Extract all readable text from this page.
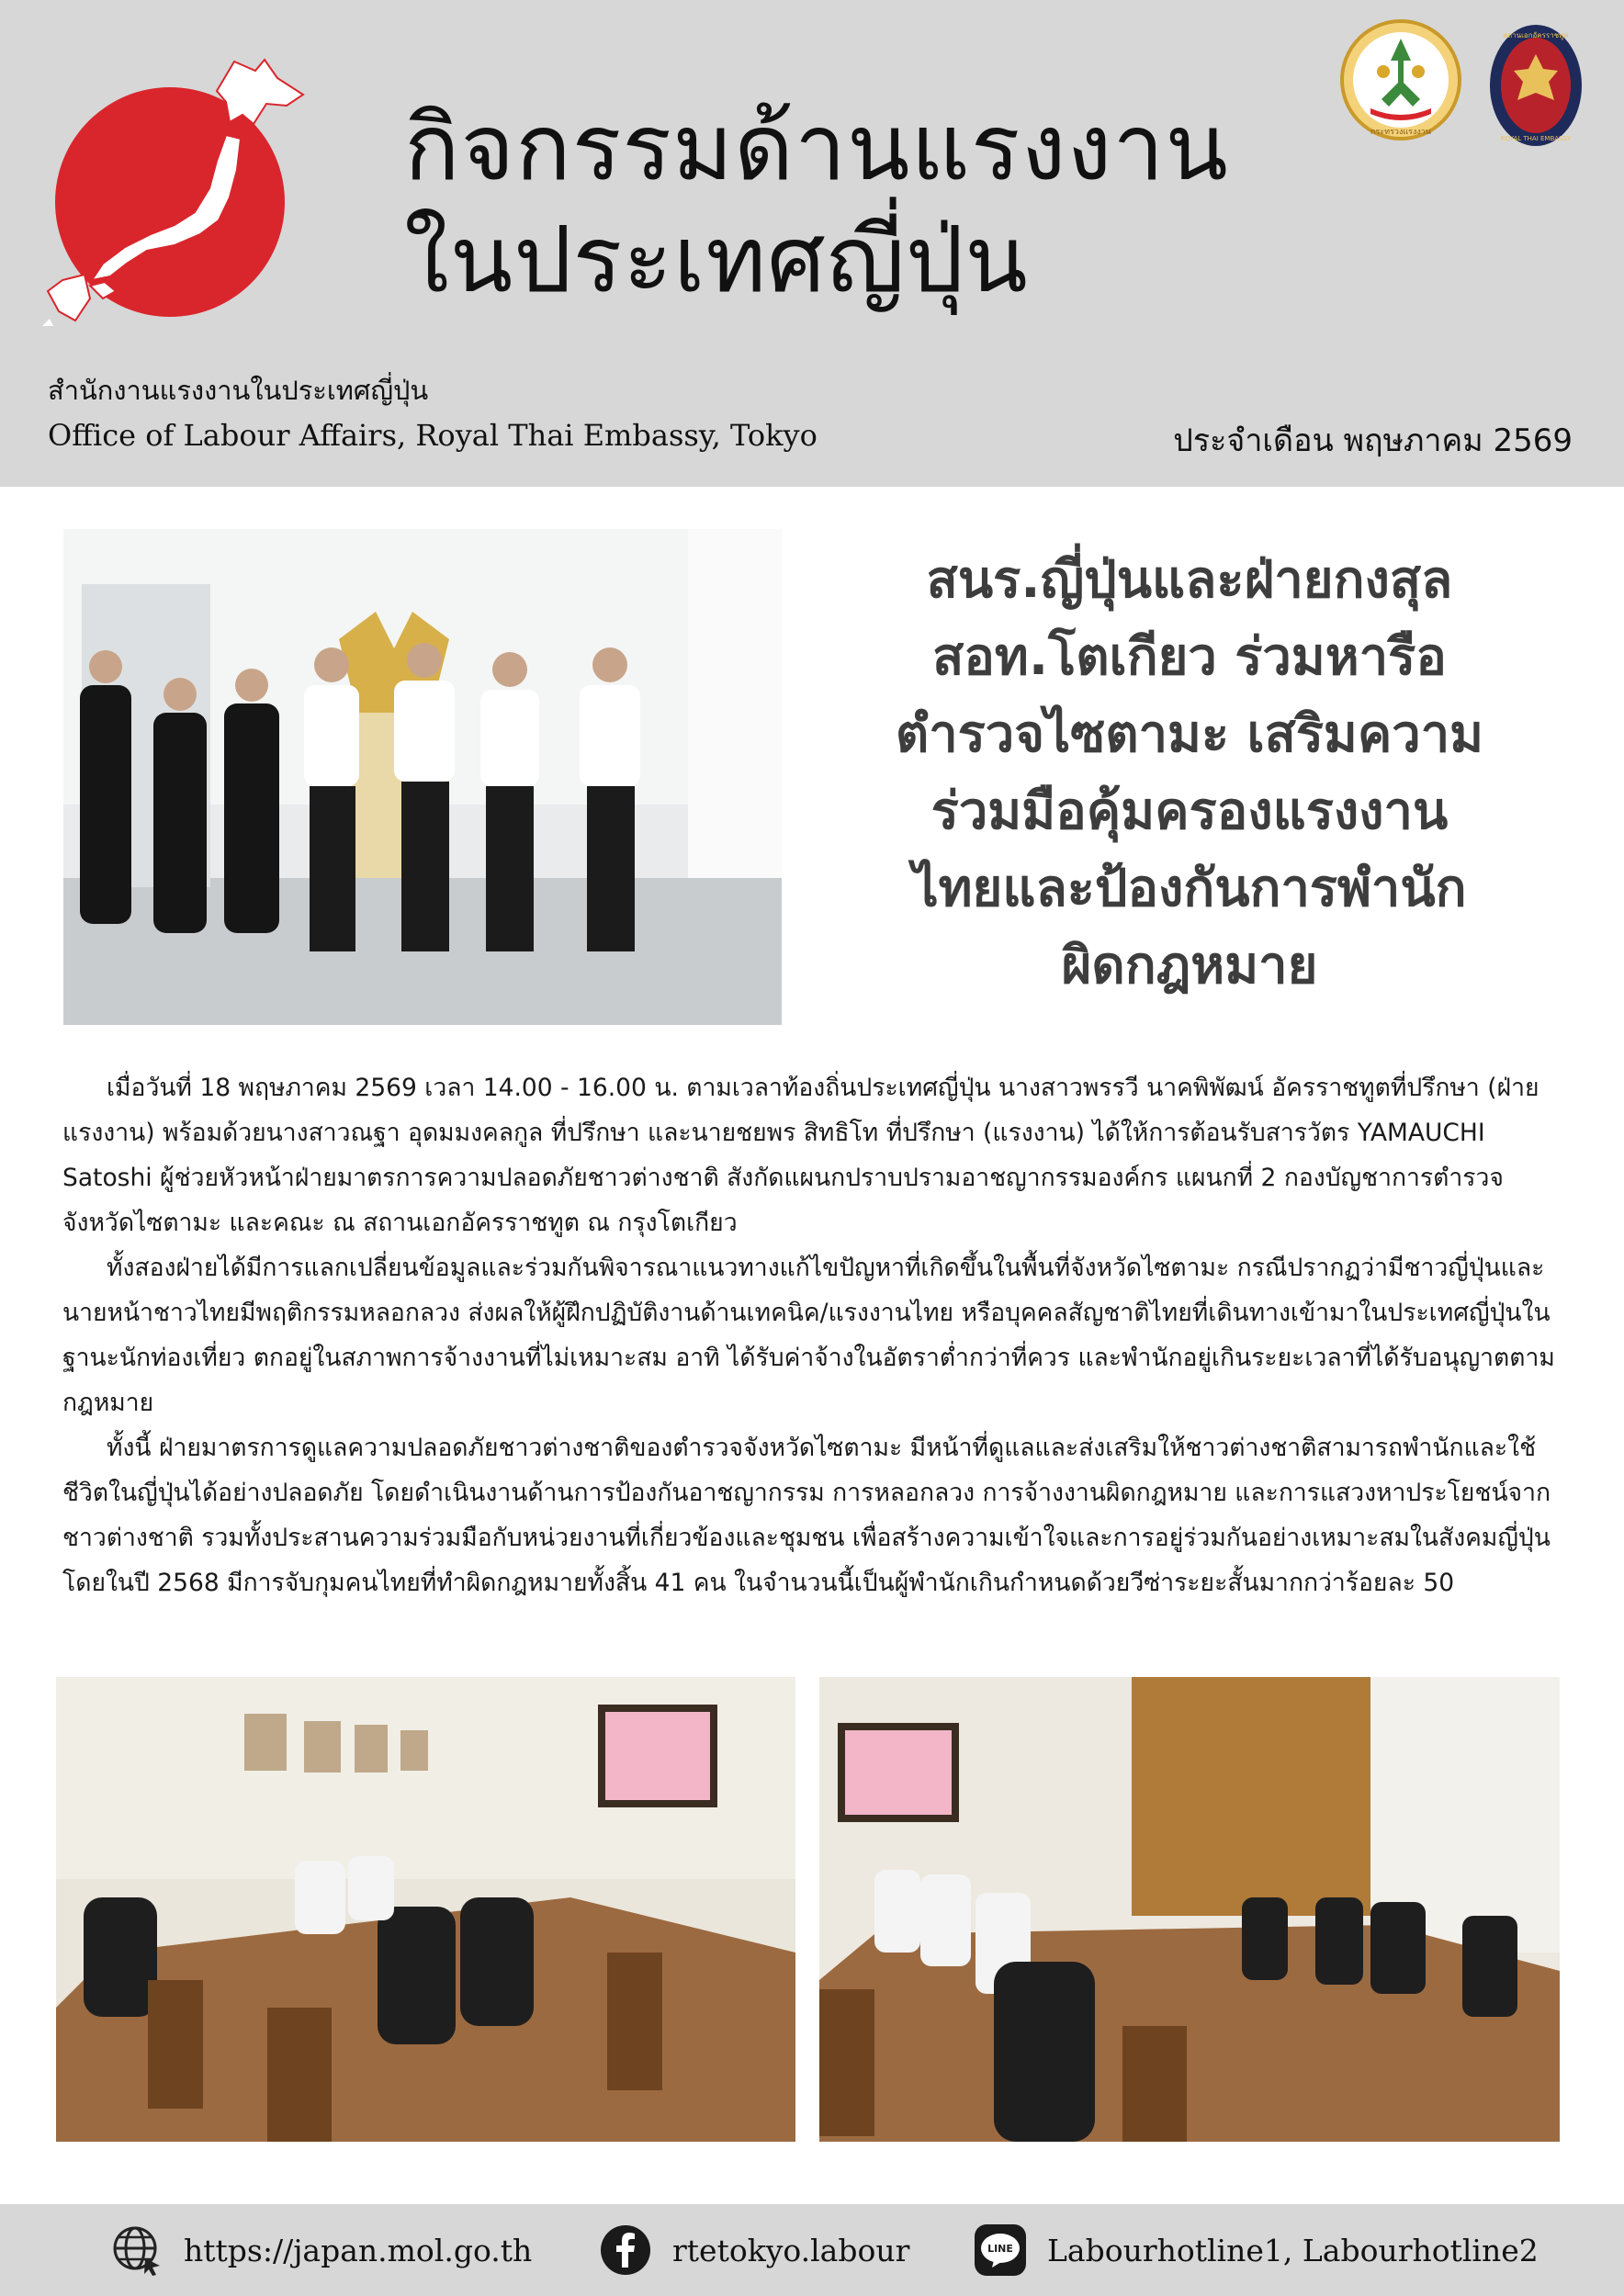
กิจกรรมด้านแรงงาน
ในประเทศญี่ปุ่น
กระทรวงแรงงาน
สถานเอกอัครราชทูต
ROYAL THAI EMBASSY
สำนักงานแรงงานในประเทศญี่ปุ่น
Office of Labour Affairs, Royal Thai Embassy, Tokyo	ประจำเดือน พฤษภาคม 2569
สนร.ญี่ปุ่นและฝ่ายกงสุล
สอท.โตเกียว ร่วมหารือ
ตำรวจไซตามะ เสริมความ
ร่วมมือคุ้มครองแรงงาน
ไทยและป้องกันการพำนัก
ผิดกฎหมาย

เมื่อวันที่ 18 พฤษภาคม 2569 เวลา 14.00 - 16.00 น. ตามเวลาท้องถิ่นประเทศญี่ปุ่น นางสาวพรรวี นาคพิพัฒน์ อัครราชทูตที่ปรึกษา (ฝ่ายแรงงาน) พร้อมด้วยนางสาวณฐา อุดมมงคลกูล ที่ปรึกษา และนายชยพร สิทธิโท ที่ปรึกษา (แรงงาน) ได้ให้การต้อนรับสารวัตร YAMAUCHI Satoshi ผู้ช่วยหัวหน้าฝ่ายมาตรการความปลอดภัยชาวต่างชาติ สังกัดแผนกปราบปรามอาชญากรรมองค์กร แผนกที่ 2 กองบัญชาการตำรวจจังหวัดไซตามะ และคณะ ณ สถานเอกอัครราชทูต ณ กรุงโตเกียว

ทั้งสองฝ่ายได้มีการแลกเปลี่ยนข้อมูลและร่วมกันพิจารณาแนวทางแก้ไขปัญหาที่เกิดขึ้นในพื้นที่จังหวัดไซตามะ กรณีปรากฏว่ามีชาวญี่ปุ่นและนายหน้าชาวไทยมีพฤติกรรมหลอกลวง ส่งผลให้ผู้ฝึกปฏิบัติงานด้านเทคนิค/แรงงานไทย หรือบุคคลสัญชาติไทยที่เดินทางเข้ามาในประเทศญี่ปุ่นในฐานะนักท่องเที่ยว ตกอยู่ในสภาพการจ้างงานที่ไม่เหมาะสม อาทิ ได้รับค่าจ้างในอัตราต่ำกว่าที่ควร และพำนักอยู่เกินระยะเวลาที่ได้รับอนุญาตตามกฎหมาย

ทั้งนี้ ฝ่ายมาตรการดูแลความปลอดภัยชาวต่างชาติของตำรวจจังหวัดไซตามะ มีหน้าที่ดูแลและส่งเสริมให้ชาวต่างชาติสามารถพำนักและใช้ชีวิตในญี่ปุ่นได้อย่างปลอดภัย โดยดำเนินงานด้านการป้องกันอาชญากรรม การหลอกลวง การจ้างงานผิดกฎหมาย และการแสวงหาประโยชน์จากชาวต่างชาติ รวมทั้งประสานความร่วมมือกับหน่วยงานที่เกี่ยวข้องและชุมชน เพื่อสร้างความเข้าใจและการอยู่ร่วมกันอย่างเหมาะสมในสังคมญี่ปุ่น โดยในปี 2568 มีการจับกุมคนไทยที่ทำผิดกฎหมายทั้งสิ้น 41 คน ในจำนวนนี้เป็นผู้พำนักเกินกำหนดด้วยวีซ่าระยะสั้นมากกว่าร้อยละ 50

https://japan.mol.go.th	rtetokyo.labour	LINE Labourhotline1, Labourhotline2
